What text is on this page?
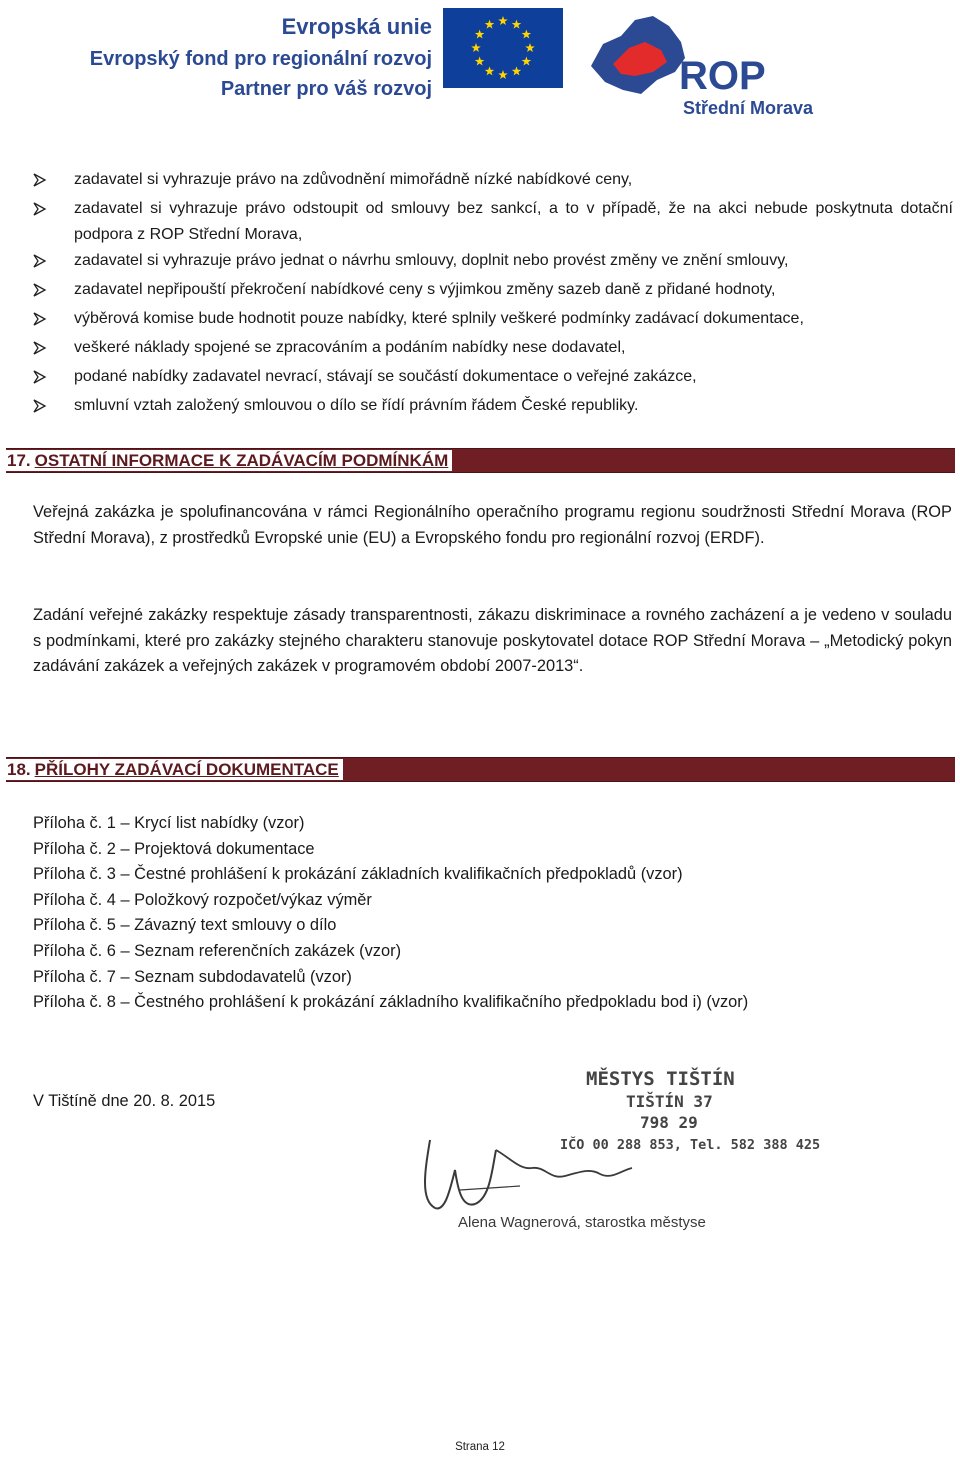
Evropská unie
Evropský fond pro regionální rozvoj
Partner pro váš rozvoj	ROP
Střední Morava
zadavatel si vyhrazuje právo na zdůvodnění mimořádně nízké nabídkové ceny,
zadavatel si vyhrazuje právo odstoupit od smlouvy bez sankcí, a to v případě, že na akci nebude poskytnuta dotační podpora z ROP Střední Morava,
zadavatel si vyhrazuje právo jednat o návrhu smlouvy, doplnit nebo provést změny ve znění smlouvy,
zadavatel nepřipouští překročení nabídkové ceny s výjimkou změny sazeb daně z přidané hodnoty,
výběrová komise bude hodnotit pouze nabídky, které splnily veškeré podmínky zadávací dokumentace,
veškeré náklady spojené se zpracováním a podáním nabídky nese dodavatel,
podané nabídky zadavatel nevrací, stávají se součástí dokumentace o veřejné zakázce,
smluvní vztah založený smlouvou o dílo se řídí právním řádem České republiky.
17. OSTATNÍ INFORMACE K ZADÁVACÍM PODMÍNKÁM
Veřejná zakázka je spolufinancována v rámci Regionálního operačního programu regionu soudržnosti Střední Morava (ROP Střední Morava), z prostředků Evropské unie (EU) a Evropského fondu pro regionální rozvoj (ERDF).
Zadání veřejné zakázky respektuje zásady transparentnosti, zákazu diskriminace a rovného zacházení a je vedeno v souladu s podmínkami, které pro zakázky stejného charakteru stanovuje poskytovatel dotace ROP Střední Morava – „Metodický pokyn zadávání zakázek a veřejných zakázek v programovém období 2007-2013“.
18. PŘÍLOHY ZADÁVACÍ DOKUMENTACE
Příloha č. 1 – Krycí list nabídky (vzor)
Příloha č. 2 – Projektová dokumentace
Příloha č. 3 – Čestné prohlášení k prokázání základních kvalifikačních předpokladů (vzor)
Příloha č. 4 – Položkový rozpočet/výkaz výměr
Příloha č. 5 – Závazný text smlouvy o dílo
Příloha č. 6 – Seznam referenčních zakázek (vzor)
Příloha č. 7 – Seznam subdodavatelů (vzor)
Příloha č. 8 – Čestného prohlášení k prokázání základního kvalifikačního předpokladu bod i) (vzor)
V Tištíně dne 20. 8. 2015
MĚSTYS TIŠTÍN
TIŠTÍN 37
798 29
IČO 00 288 853, Tel. 582 388 425
Alena Wagnerová, starostka městyse
Strana 12
